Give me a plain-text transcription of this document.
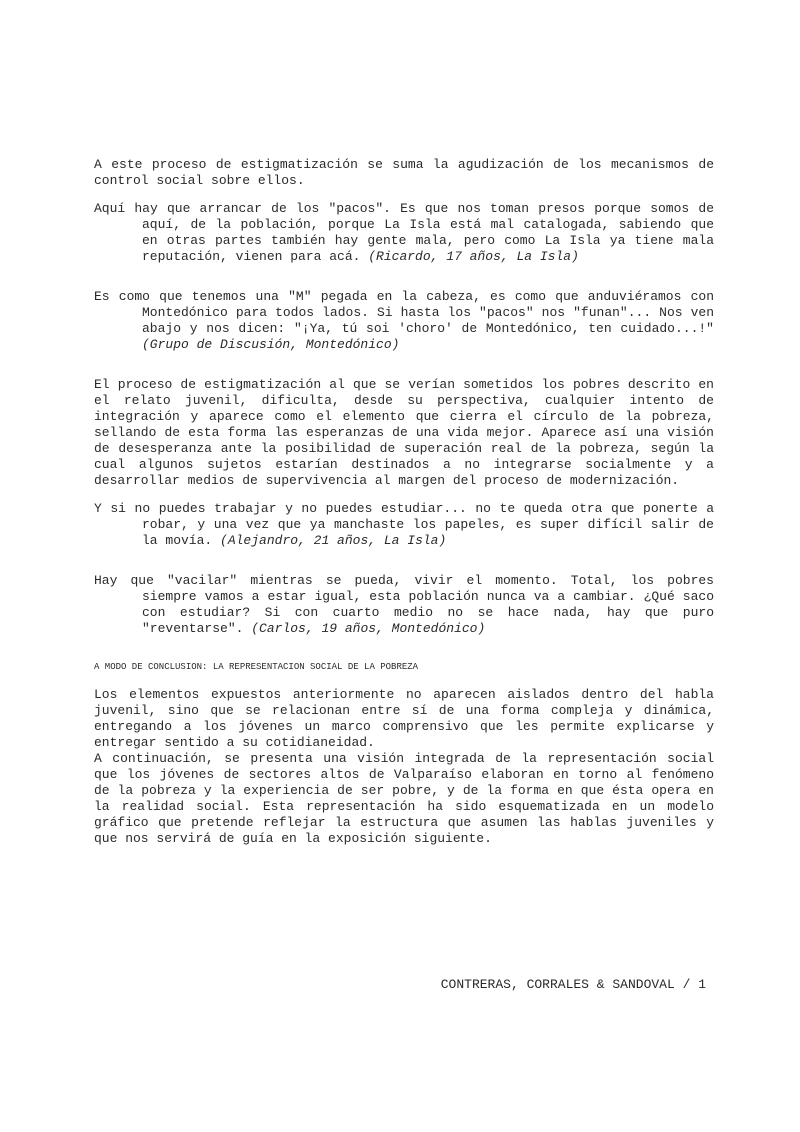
A este proceso de estigmatización se suma la agudización de los mecanismos de control social sobre ellos.

Aquí hay que arrancar de los "pacos". Es que nos toman presos porque somos de aquí, de la población, porque La Isla está mal catalogada, sabiendo que en otras partes también hay gente mala, pero como La Isla ya tiene mala reputación, vienen para acá. (Ricardo, 17 años, La Isla)

Es como que tenemos una "M" pegada en la cabeza, es como que anduviéramos con Montedónico para todos lados. Si hasta los "pacos" nos "funan"... Nos ven abajo y nos dicen: "¡Ya, tú soi 'choro' de Montedónico, ten cuidado...!" (Grupo de Discusión, Montedónico)

El proceso de estigmatización al que se verían sometidos los pobres descrito en el relato juvenil, dificulta, desde su perspectiva, cualquier intento de integración y aparece como el elemento que cierra el círculo de la pobreza, sellando de esta forma las esperanzas de una vida mejor. Aparece así una visión de desesperanza ante la posibilidad de superación real de la pobreza, según la cual algunos sujetos estarían destinados a no integrarse socialmente y a desarrollar medios de supervivencia al margen del proceso de modernización.

Y si no puedes trabajar y no puedes estudiar... no te queda otra que ponerte a robar, y una vez que ya manchaste los papeles, es super difícil salir de la movía. (Alejandro, 21 años, La Isla)

Hay que "vacilar" mientras se pueda, vivir el momento. Total, los pobres siempre vamos a estar igual, esta población nunca va a cambiar. ¿Qué saco con estudiar? Si con cuarto medio no se hace nada, hay que puro "reventarse". (Carlos, 19 años, Montedónico)

A MODO DE CONCLUSION: LA REPRESENTACION SOCIAL DE LA POBREZA

Los elementos expuestos anteriormente no aparecen aislados dentro del habla juvenil, sino que se relacionan entre sí de una forma compleja y dinámica, entregando a los jóvenes un marco comprensivo que les permite explicarse y entregar sentido a su cotidianeidad.

A continuación, se presenta una visión integrada de la representación social que los jóvenes de sectores altos de Valparaíso elaboran en torno al fenómeno de la pobreza y la experiencia de ser pobre, y de la forma en que ésta opera en la realidad social. Esta representación ha sido esquematizada en un modelo gráfico que pretende reflejar la estructura que asumen las hablas juveniles y que nos servirá de guía en la exposición siguiente.

CONTRERAS, CORRALES & SANDOVAL / 1
